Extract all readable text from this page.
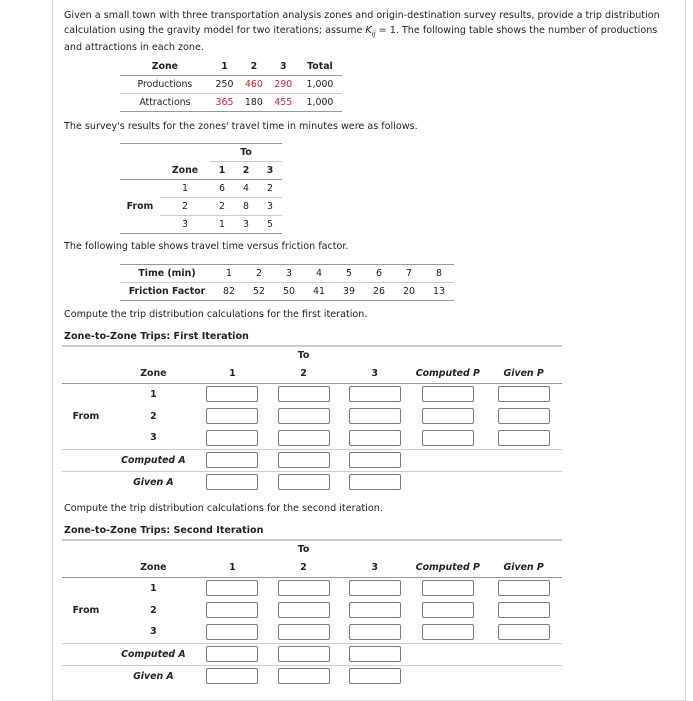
Given a small town with three transportation analysis zones and origin-destination survey results, provide a trip distribution calculation using the gravity model for two iterations; assume $K_{ij} = 1$. The following table shows the number of productions and attractions in each zone.
Zone	1	2	3	Total
Productions	250	460	290	1,000
Attractions	365	180	455	1,000
The survey's results for the zones' travel time in minutes were as follows.
		To		
	Zone	1	2	3
From	1	6	4	2
	2	2	8	3
	3	1	3	5
The following table shows travel time versus friction factor.
Time (min)	1	2	3	4	5	6	7	8
Friction Factor	82	52	50	41	39	26	20	13
Compute the trip distribution calculations for the first iteration.
Zone-to-Zone Trips: First Iteration
			To			
	Zone	1	2	3	Computed P	Given P
From	1					
	2					
	3					
	Computed A					
	Given A					
Compute the trip distribution calculations for the second iteration.
Zone-to-Zone Trips: Second Iteration
			To			
	Zone	1	2	3	Computed P	Given P
From	1					
	2					
	3					
	Computed A					
	Given A					
